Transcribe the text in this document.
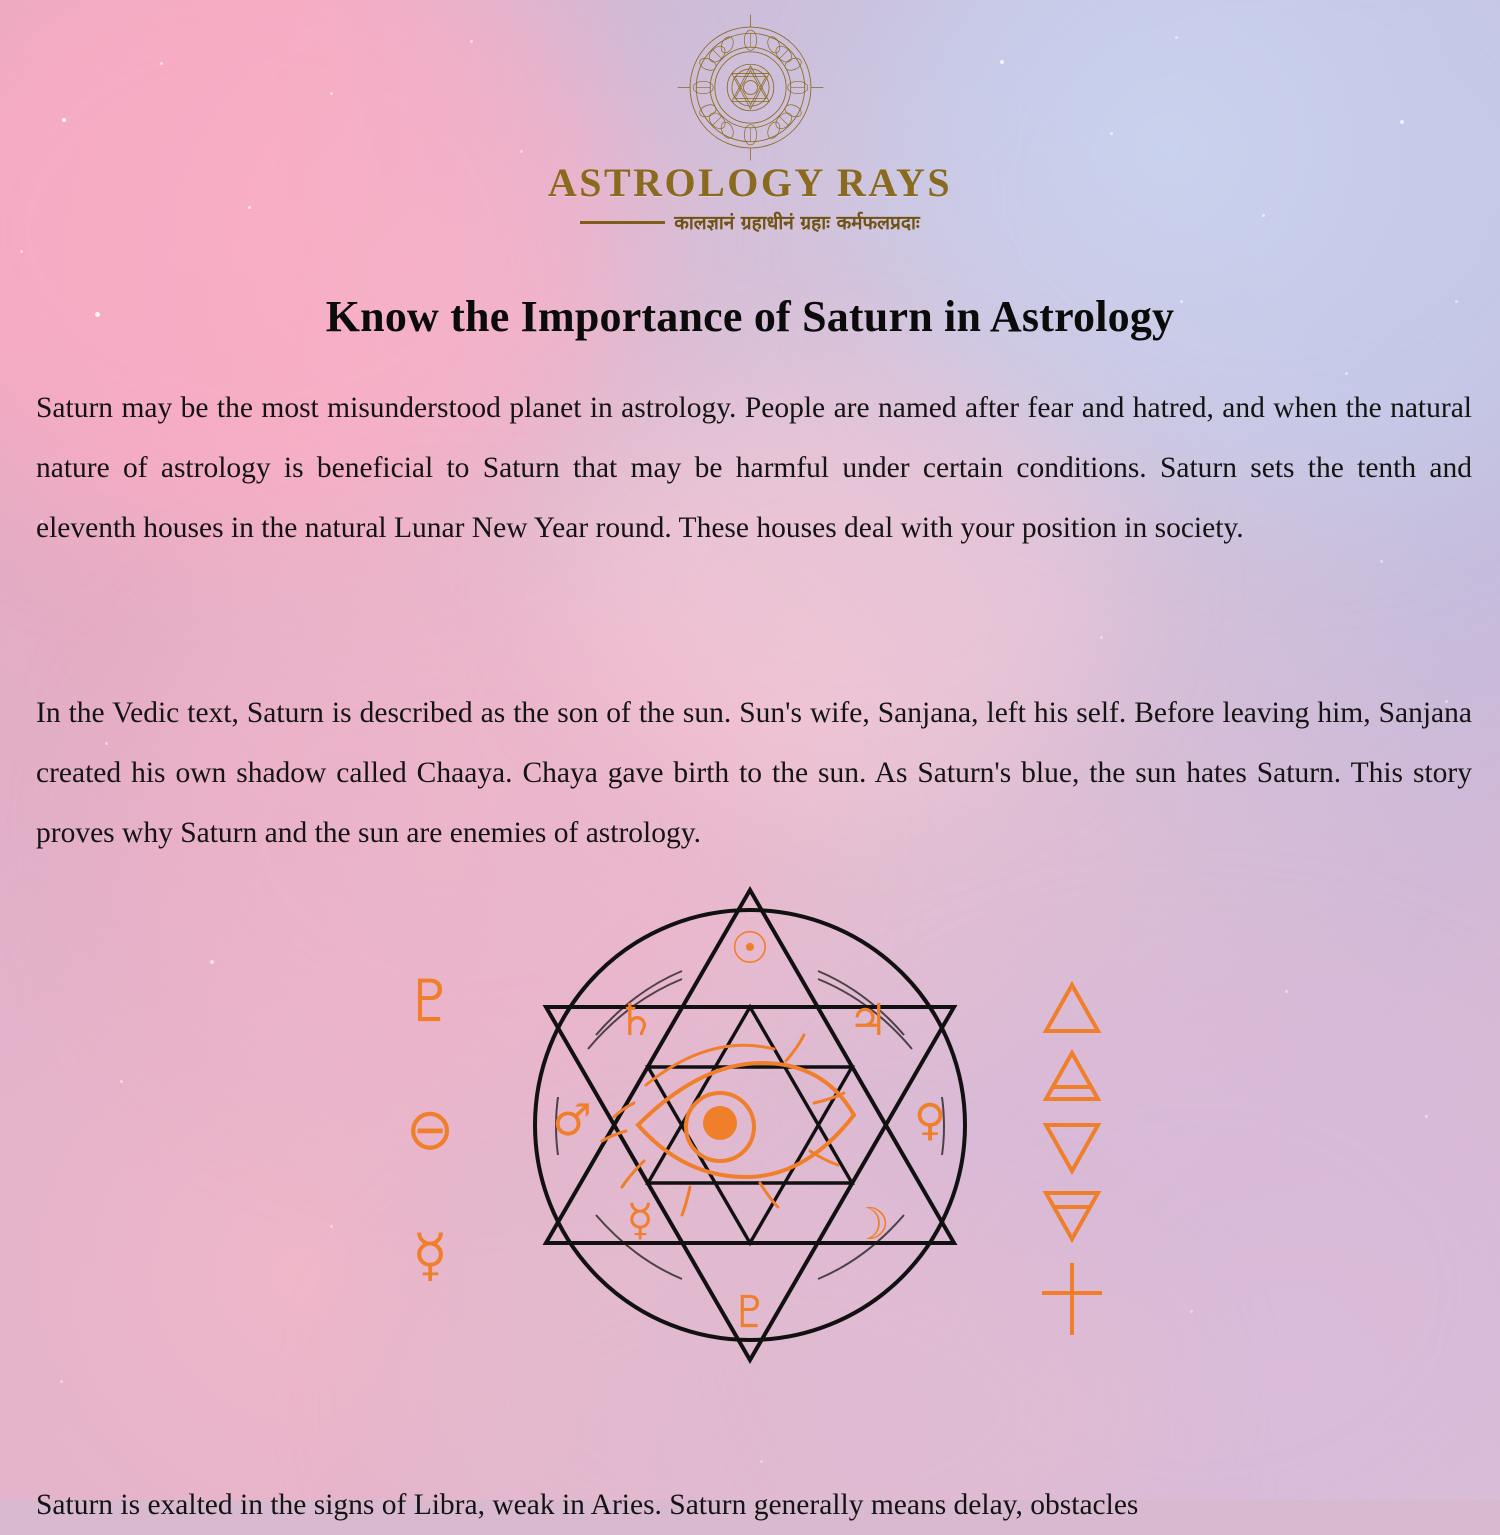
ASTROLOGY RAYS
कालज्ञानं ग्रहाधीनं ग्रहाः कर्मफलप्रदाः
Know the Importance of Saturn in Astrology

Saturn may be the most misunderstood planet in astrology. People are named after fear and hatred, and when the natural nature of astrology is beneficial to Saturn that may be harmful under certain conditions. Saturn sets the tenth and eleventh houses in the natural Lunar New Year round. These houses deal with your position in society.

In the Vedic text, Saturn is described as the son of the sun. Sun's wife, Sanjana, left his self. Before leaving him, Sanjana created his own shadow called Chaaya. Chaya gave birth to the sun. As Saturn's blue, the sun hates Saturn. This story proves why Saturn and the sun are enemies of astrology.

Saturn is exalted in the signs of Libra, weak in Aries. Saturn generally means delay, obstacles

☉
♄	♃
♂	♀
☿	☽
♇
♇
⊖
☿
